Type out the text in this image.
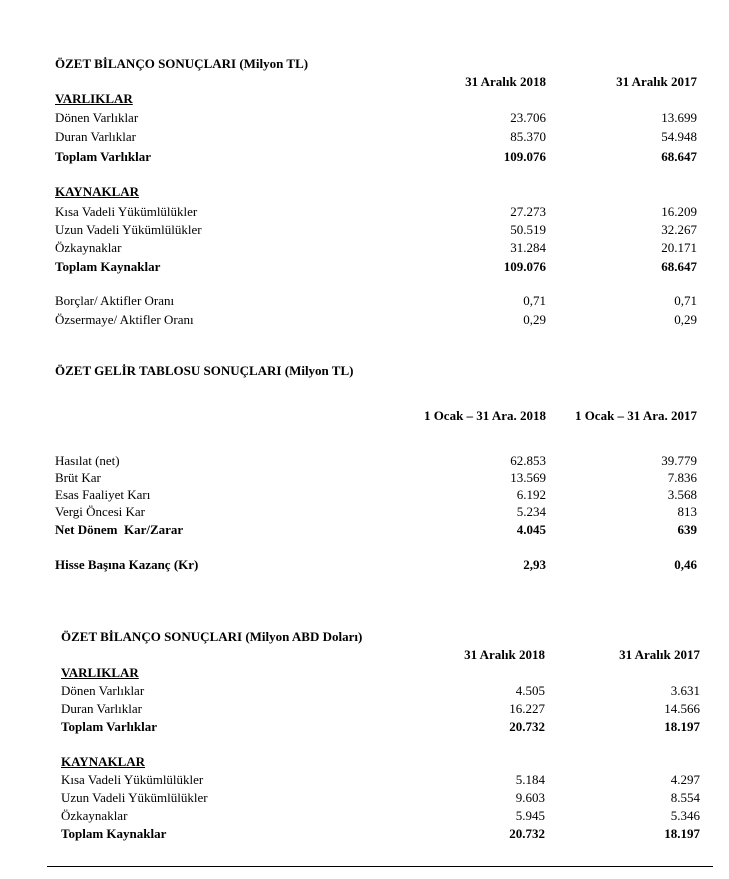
ÖZET BİLANÇO SONUÇLARI (Milyon TL)
31 Aralık 2018	31 Aralık 2017
VARLIKLAR
Dönen Varlıklar	23.706	13.699
Duran Varlıklar	85.370	54.948
Toplam Varlıklar	109.076	68.647
KAYNAKLAR
Kısa Vadeli Yükümlülükler	27.273	16.209
Uzun Vadeli Yükümlülükler	50.519	32.267
Özkaynaklar	31.284	20.171
Toplam Kaynaklar	109.076	68.647
Borçlar/ Aktifler Oranı	0,71	0,71
Özsermaye/ Aktifler Oranı	0,29	0,29
ÖZET GELİR TABLOSU SONUÇLARI (Milyon TL)
1 Ocak – 31 Ara. 2018 1 Ocak – 31 Ara. 2017
Hasılat (net)	62.853	39.779
Brüt Kar	13.569	7.836
Esas Faaliyet Karı	6.192	3.568
Vergi Öncesi Kar	5.234	813
Net Dönem  Kar/Zarar	4.045	639
Hisse Başına Kazanç (Kr)	2,93	0,46
ÖZET BİLANÇO SONUÇLARI (Milyon ABD Doları)
31 Aralık 2018	31 Aralık 2017
VARLIKLAR
Dönen Varlıklar	4.505	3.631
Duran Varlıklar	16.227	14.566
Toplam Varlıklar	20.732	18.197
KAYNAKLAR
Kısa Vadeli Yükümlülükler	5.184	4.297
Uzun Vadeli Yükümlülükler	9.603	8.554
Özkaynaklar	5.945	5.346
Toplam Kaynaklar	20.732	18.197
